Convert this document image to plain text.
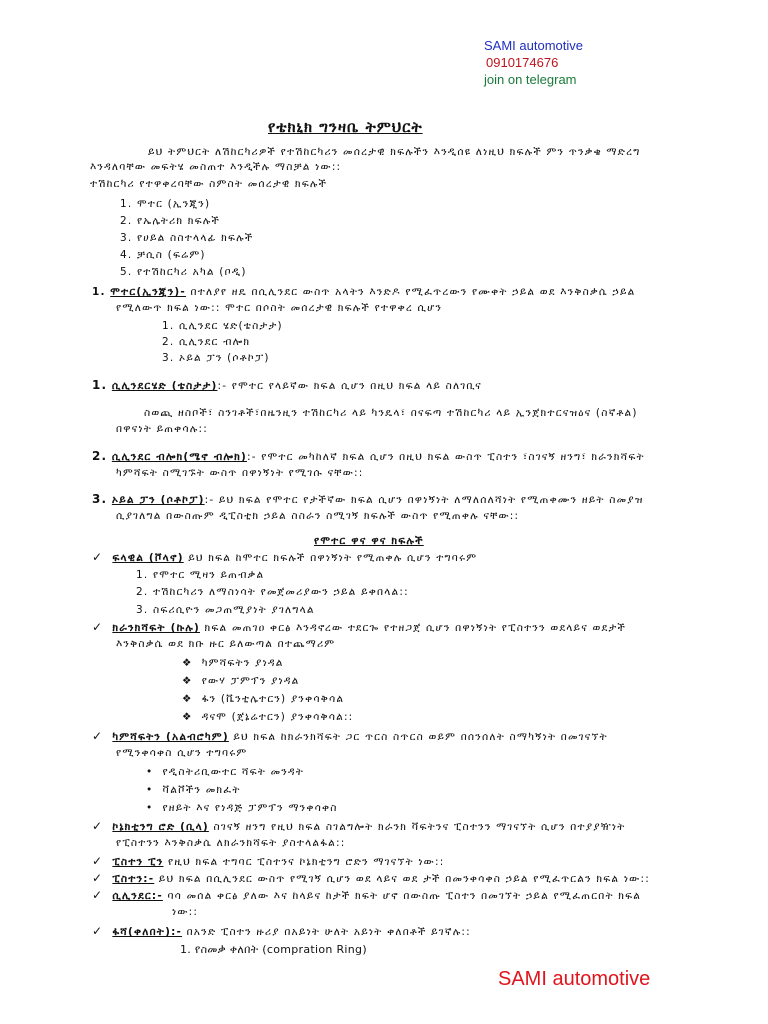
SAMI automotive
0910174676
join on telegram
የቴክኒክ ግንዛቤ ትምህርት
ይህ ትምህርት ለሽከርካሪዎች የተሽከርካሪን መሰረታዊ ክፍሉችን እንዲሰዩ ለነዚህ ክፍሉች ምን ጥንቃቄ ማድረግ
እንዳለባቸው መፍትሄ መስጠተ እንዲችሉ ማስቻል ነው::
ተሽከርካሪ የተዋቀረባቸው ስምስት መሰረታዊ ክፍሉች
1. ሞተር (ኢንጂን)
2. የኤሌትሪክ ክፍሉች
3. የሀይል ስስተላላፊ ክፍሉች
4. ቻሲስ (ፍሬም)
5. የተሽከርካሪ አካል (ቦዲ)
1. ሞተር(ኢንጂን)- በተለያየ ዘዴ በሲሊንደር ውስጥ አላትን እንድዶ የሚፈጥረውን የሙቀት ኃይል ወደ እንቅስቃሴ ኃይል
የሚለውጥ ክፍል ነው:: ሞተር በሶስት መሰረታዊ ክፍሉች የተዋቀረ ሲሆን
1. ሲሊንደር ሄድ(ቴስታታ)
2. ሲሊንደር ብሎክ
3. ኦይል ፓን (ሶቶኮፓ)
1. ሲሊንደርሄድ (ቴስታታ):- የሞተር የላይኛው ክፍል ሲሆን በዚህ ክፍል ላይ ስለገቢና
ስወጪ ዘስቦች፣ ስንገቶች፣በዜንዚን ተሽከርካሪ ላይ ካንዴላ፣ በናፍጣ ተሽከርካሪ ላይ ኢንጀክተርናዝዕና (ስኛቶል)
በዋናነት ይጠቀሳሉ::
2. ሲሊንደር ብሎክ(ሜኖ ብሎክ):- የሞተር መካከለኛ ክፍል ሲሆን በዚህ ክፍል ውስጥ ፒስተን ፣ስገናኝ ዘንግ፣ ክራንክሻፍት
ካምሻፍት ስሚገኙት ውስጥ በዋነኝነት የሚገሱ ናቸው::
3. ኦይል ፓን (ሶቶኮፓ):- ይህ ክፍል የሞተር የታችኛው ክፍል ሲሆን በዋነኝነት ለማለሰለሻነት የሚጠቀሙን ዘይት ስመያዝ
ሲያገለግል በውስጡም ዲፒስቲክ ኃይል ስስራን ስሚገኝ ክፍሉች ውስጥ የሚጠቀሉ ናቸው::
የሞተር ዋና ዋና ክፍሉች
✓ ፍላዊል (ቮላኖ) ይህ ክፍል ከሞተር ክፍሉች በዋነኝነት የሚጠቀሉ ሲሆን ተግባሩም
1. የሞተር ሚዛን ይጠብቃል
2. ተሽከርካሪን ለማስነሳት የመጀመሪያውን ኃይል ይቀበላል::
3. ስፍሪሲዮን መጋጠሚያነት ያገለግላል
✓ ክራንክሻፍት (ኩሉ) ክፍል መጠገዐ ቀርፅ እንዳኖረው ተደርጐ የተዘጋጀ ሲሆን በዋነኝነት የፒስተንን ወደላይና ወደታች
እንቅስቃሴ ወደ ክቡ ዙር ይለውጣል በተጨማሪም
❖ ካምሻፍትን ያነዳል
❖ የውሃ ፓምፕን ያነዳል
❖ ፋን (ቬንቲሌተርን) ያንቀሳቅሳል
❖ ዳናሞ (ጀኔሬተርን) ያንቀሳቅሳል::
✓ ካምሻፍትን (አልብሮካም) ይህ ክፍል ከክራንክሻፍት ጋር ጥርስ ስጥርስ ወይም በሰንሰለት ስማካኝነት በመገናኘት
የሚንቀሳቀስ ሲሆን ተግባሩም
• የዲስትሪቢውተር ሻፍት መንዳት
• ቫልቮችን መክፈት
• የዘይት እና የነዳጅ ፓምፕን ማንቀሳቀስ
✓ ኮኔክቲንግ ሮድ (ቢላ) ስገናኝ ዘንግ የዚህ ክፍል ስገልግሎት ክራንክ ቫፍትንና ፒስተንን ማገናኘት ሲሆን በተያያዥነት
የፒስተንን እንቅስቃሴ ለክራንክሻፍት ያስተላልፋል::
✓ ፒስተን ፒን የዚህ ክፍል ተግባር ፒስተንና ኮኔክቲንግ ሮድን ማገናኘት ነው::
✓ ፒስተን:- ይህ ክፍል በሲሊንደር ውስጥ የሚገኝ ሲሆን ወደ ላይና ወደ ታች በመንቀሳቀስ ኃይል የሚፈጥርልን ክፍል ነው::
✓ ሲሊንደር:- ባሳ መሰል ቀርፅ ያለው እና ከላይና ከታች ክፍት ሆኖ በውስጡ ፒስተን በመገኘት ኃይል የሚፈጠርበት ክፍል
ነው::
✓ ፋሻ(ቀለበት):- በአንድ ፒስተን ዙሪያ በአይነት ሁለት አይነት ቀለበቶች ይገኛሉ::
1. የስመቃ ቀለበት (compration Ring)
SAMI automotive
